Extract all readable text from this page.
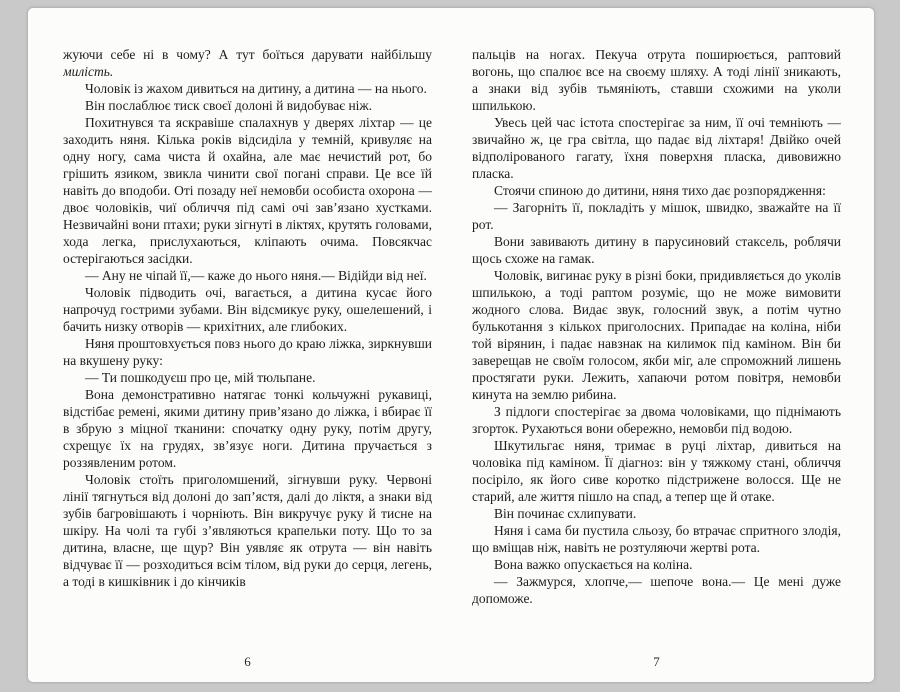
жуючи себе ні в чому? А тут боїться дарувати найбільшу милість.

Чоловік із жахом дивиться на дитину, а дитина — на нього.

Він послаблює тиск своєї долоні й видобуває ніж.

Похитнувся та яскравіше спалахнув у дверях ліхтар — це заходить няня. Кілька років відсиділа у темній, кривуляє на одну ногу, сама чиста й охайна, але має нечистий рот, бо грішить язиком, звикла чинити свої погані справи. Це все їй навіть до вподоби. Оті позаду неї немовби особиста охорона — двоє чоловіків, чиї обличчя під самі очі зав’язано хустками. Незвичайні вони птахи; руки зігнуті в ліктях, крутять головами, хода легка, прислухаються, кліпають очима. Повсякчас остерігаються засідки.

— Ану не чіпай її,— каже до нього няня.— Відійди від неї.

Чоловік підводить очі, вагається, а дитина кусає його напрочуд гострими зубами. Він відсмикує руку, ошелешений, і бачить низку отворів — крихітних, але глибоких.

Няня проштовхується повз нього до краю ліжка, зиркнувши на вкушену руку:

— Ти пошкодуєш про це, мій тюльпане.

Вона демонстративно натягає тонкі кольчужні рукавиці, відстібає ремені, якими дитину прив’язано до ліжка, і вбирає її в збрую з міцної тканини: спочатку одну руку, потім другу, схрещує їх на грудях, зв’язує ноги. Дитина пручається з роззявленим ротом.

Чоловік стоїть приголомшений, зігнувши руку. Червоні лінії тягнуться від долоні до зап’ястя, далі до ліктя, а знаки від зубів багровішають і чорніють. Він викручує руку й тисне на шкіру. На чолі та губі з’являються крапельки поту. Що то за дитина, власне, ще щур? Він уявляє як отрута — він навіть відчуває її — розходиться всім тілом, від руки до серця, легень, а тоді в кишківник і до кінчиків

6

пальців на ногах. Пекуча отрута поширюється, раптовий вогонь, що спалює все на своєму шляху. А тоді лінії зникають, а знаки від зубів тьмяніють, ставши схожими на уколи шпилькою.

Увесь цей час істота спостерігає за ним, її очі темніють — звичайно ж, це гра світла, що падає від ліхтаря! Двійко очей відполірованого гагату, їхня поверхня пласка, дивовижно пласка.

Стоячи спиною до дитини, няня тихо дає розпорядження:

— Загорніть її, покладіть у мішок, швидко, зважайте на її рот.

Вони завивають дитину в парусиновий стаксель, роблячи щось схоже на гамак.

Чоловік, вигинає руку в різні боки, придивляється до уколів шпилькою, а тоді раптом розуміє, що не може вимовити жодного слова. Видає звук, голосний звук, а потім чутно булькотання з кількох приголосних. Припадає на коліна, ніби той вірянин, і падає навзнак на килимок під каміном. Він би заверещав не своїм голосом, якби міг, але спроможний лишень простягати руки. Лежить, хапаючи ротом повітря, немовби кинута на землю рибина.

З підлоги спостерігає за двома чоловіками, що піднімають згорток. Рухаються вони обережно, немовби під водою.

Шкутильгає няня, тримає в руці ліхтар, дивиться на чоловіка під каміном. Її діагноз: він у тяжкому стані, обличчя посіріло, як його сиве коротко підстрижене волосся. Ще не старий, але життя пішло на спад, а тепер ще й отаке.

Він починає схлипувати.

Няня і сама би пустила сльозу, бо втрачає спритного злодія, що вміщав ніж, навіть не розтуляючи жертві рота.

Вона важко опускається на коліна.

— Зажмурся, хлопче,— шепоче вона.— Це мені дуже допоможе.

7
